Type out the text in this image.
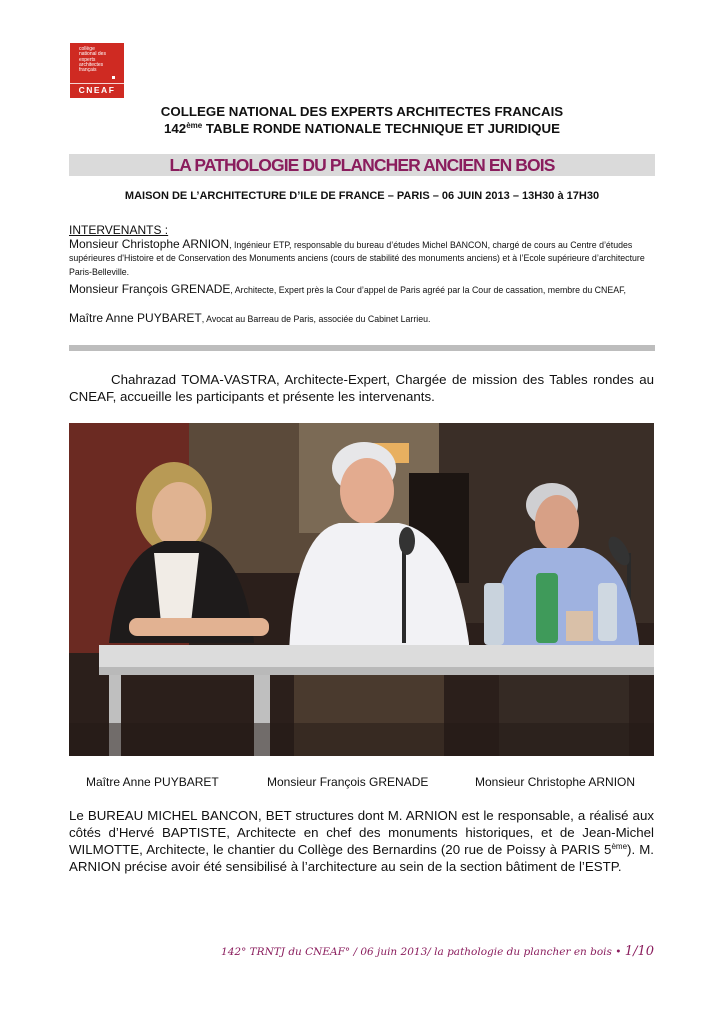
collège
national des
experts
architectes
français
CNEAF
COLLEGE NATIONAL DES EXPERTS ARCHITECTES FRANCAIS
142ème TABLE RONDE NATIONALE TECHNIQUE ET JURIDIQUE
LA PATHOLOGIE DU PLANCHER ANCIEN EN BOIS
MAISON DE L’ARCHITECTURE D’ILE DE FRANCE – PARIS – 06 JUIN 2013 – 13H30 à 17H30
INTERVENANTS :
Monsieur Christophe ARNION, Ingénieur ETP, responsable du bureau d’études Michel BANCON, chargé de cours au Centre d’études supérieures d'Histoire et de Conservation des Monuments anciens (cours de stabilité des monuments anciens) et à l’Ecole supérieure d’architecture Paris-Belleville.
Monsieur François GRENADE, Architecte, Expert près la Cour d’appel de Paris agréé par la Cour de cassation, membre du CNEAF,
Maître Anne PUYBARET, Avocat au Barreau de Paris, associée du Cabinet Larrieu.
Chahrazad TOMA-VASTRA, Architecte-Expert, Chargée de mission des Tables rondes au CNEAF, accueille les participants et présente les intervenants.
Maître Anne PUYBARET	Monsieur François GRENADE	Monsieur Christophe ARNION
Le BUREAU MICHEL BANCON, BET structures dont M. ARNION est le responsable, a réalisé aux côtés d’Hervé BAPTISTE, Architecte en chef des monuments historiques, et de Jean-Michel WILMOTTE, Architecte, le chantier du Collège des Bernardins (20 rue de Poissy à PARIS 5ème). M. ARNION précise avoir été sensibilisé à l’architecture au sein de la section bâtiment de l’ESTP.
142° TRNTJ du CNEAF° / 06 juin 2013/ la pathologie du plancher en bois • 1/10
